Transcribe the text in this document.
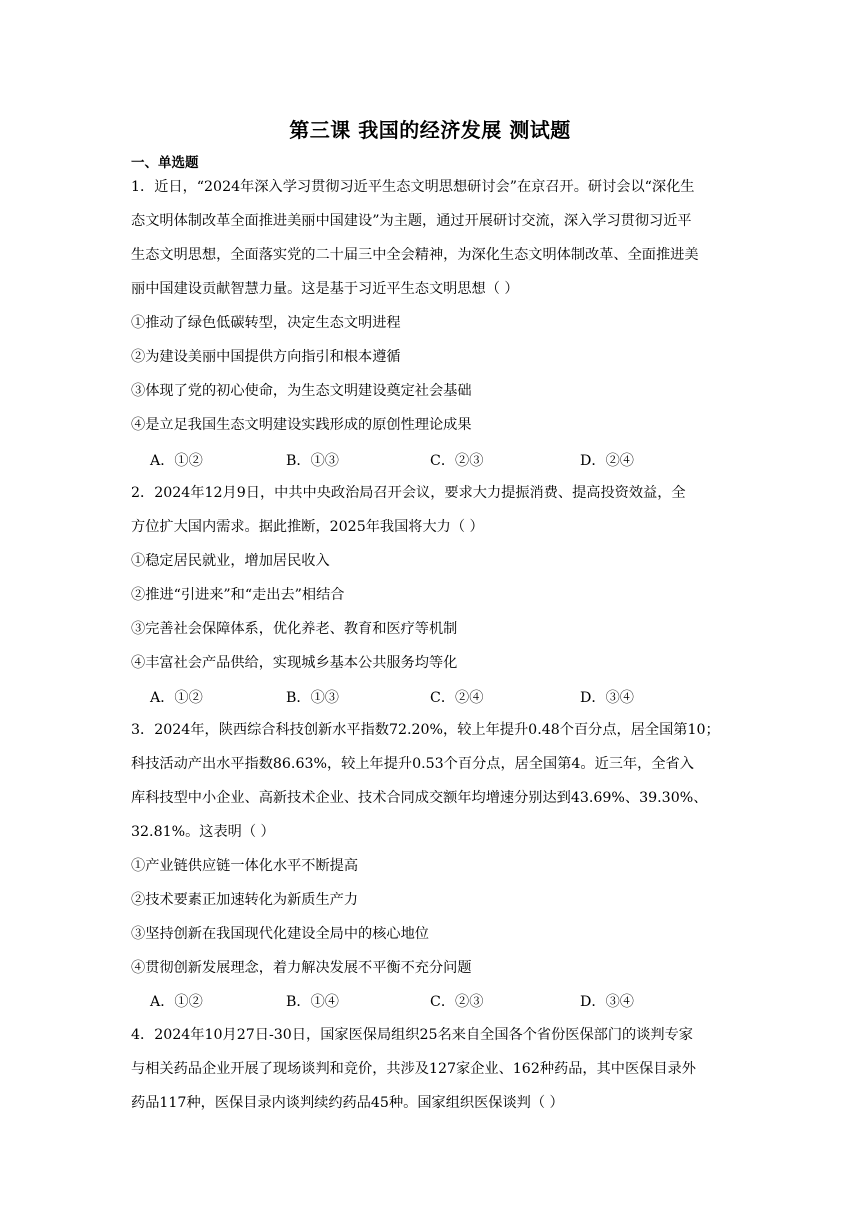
第三课 我国的经济发展 测试题
一、单选题
1．近日，“2024年深入学习贯彻习近平生态文明思想研讨会”在京召开。研讨会以“深化生
态文明体制改革全面推进美丽中国建设”为主题，通过开展研讨交流，深入学习贯彻习近平
生态文明思想，全面落实党的二十届三中全会精神，为深化生态文明体制改革、全面推进美
丽中国建设贡献智慧力量。这是基于习近平生态文明思想（ ）
①推动了绿色低碳转型，决定生态文明进程
②为建设美丽中国提供方向指引和根本遵循
③体现了党的初心使命，为生态文明建设奠定社会基础
④是立足我国生态文明建设实践形成的原创性理论成果
A．①②	B．①③	C．②③	D．②④
2．2024年12月9日，中共中央政治局召开会议，要求大力提振消费、提高投资效益，全
方位扩大国内需求。据此推断，2025年我国将大力（ ）
①稳定居民就业，增加居民收入
②推进“引进来”和“走出去”相结合
③完善社会保障体系，优化养老、教育和医疗等机制
④丰富社会产品供给，实现城乡基本公共服务均等化
A．①②	B．①③	C．②④	D．③④
3．2024年，陕西综合科技创新水平指数72.20%，较上年提升0.48个百分点，居全国第10；
科技活动产出水平指数86.63%，较上年提升0.53个百分点，居全国第4。近三年，全省入
库科技型中小企业、高新技术企业、技术合同成交额年均增速分别达到43.69%、39.30%、
32.81%。这表明（ ）
①产业链供应链一体化水平不断提高
②技术要素正加速转化为新质生产力
③坚持创新在我国现代化建设全局中的核心地位
④贯彻创新发展理念，着力解决发展不平衡不充分问题
A．①②	B．①④	C．②③	D．③④
4．2024年10月27日-30日，国家医保局组织25名来自全国各个省份医保部门的谈判专家
与相关药品企业开展了现场谈判和竞价，共涉及127家企业、162种药品，其中医保目录外
药品117种，医保目录内谈判续约药品45种。国家组织医保谈判（ ）
